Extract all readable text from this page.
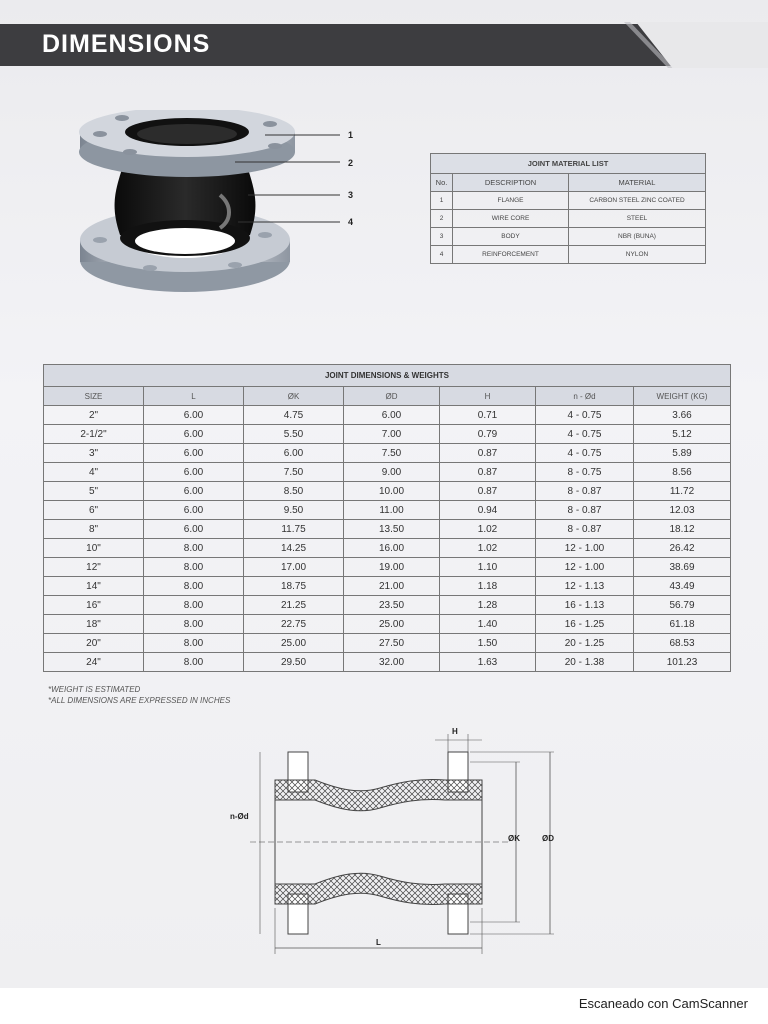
DIMENSIONS
1
2
3
4
JOINT MATERIAL LIST		
No.	DESCRIPTION	MATERIAL
1	FLANGE	CARBON STEEL ZINC COATED
2	WIRE CORE	STEEL
3	BODY	NBR (BUNA)
4	REINFORCEMENT	NYLON
JOINT DIMENSIONS & WEIGHTS						
SIZE	L	ØK	ØD	H	n - Ød	WEIGHT (KG)
2"	6.00	4.75	6.00	0.71	4 - 0.75	3.66
2-1/2"	6.00	5.50	7.00	0.79	4 - 0.75	5.12
3"	6.00	6.00	7.50	0.87	4 - 0.75	5.89
4"	6.00	7.50	9.00	0.87	8 - 0.75	8.56
5"	6.00	8.50	10.00	0.87	8 - 0.87	11.72
6"	6.00	9.50	11.00	0.94	8 - 0.87	12.03
8"	6.00	11.75	13.50	1.02	8 - 0.87	18.12
10"	8.00	14.25	16.00	1.02	12 - 1.00	26.42
12"	8.00	17.00	19.00	1.10	12 - 1.00	38.69
14"	8.00	18.75	21.00	1.18	12 - 1.13	43.49
16"	8.00	21.25	23.50	1.28	16 - 1.13	56.79
18"	8.00	22.75	25.00	1.40	16 - 1.25	61.18
20"	8.00	25.00	27.50	1.50	20 - 1.25	68.53
24"	8.00	29.50	32.00	1.63	20 - 1.38	101.23
*WEIGHT IS ESTIMATED
*ALL DIMENSIONS ARE EXPRESSED IN INCHES
H
n-Ød
ØK	ØD
L
Escaneado con CamScanner
